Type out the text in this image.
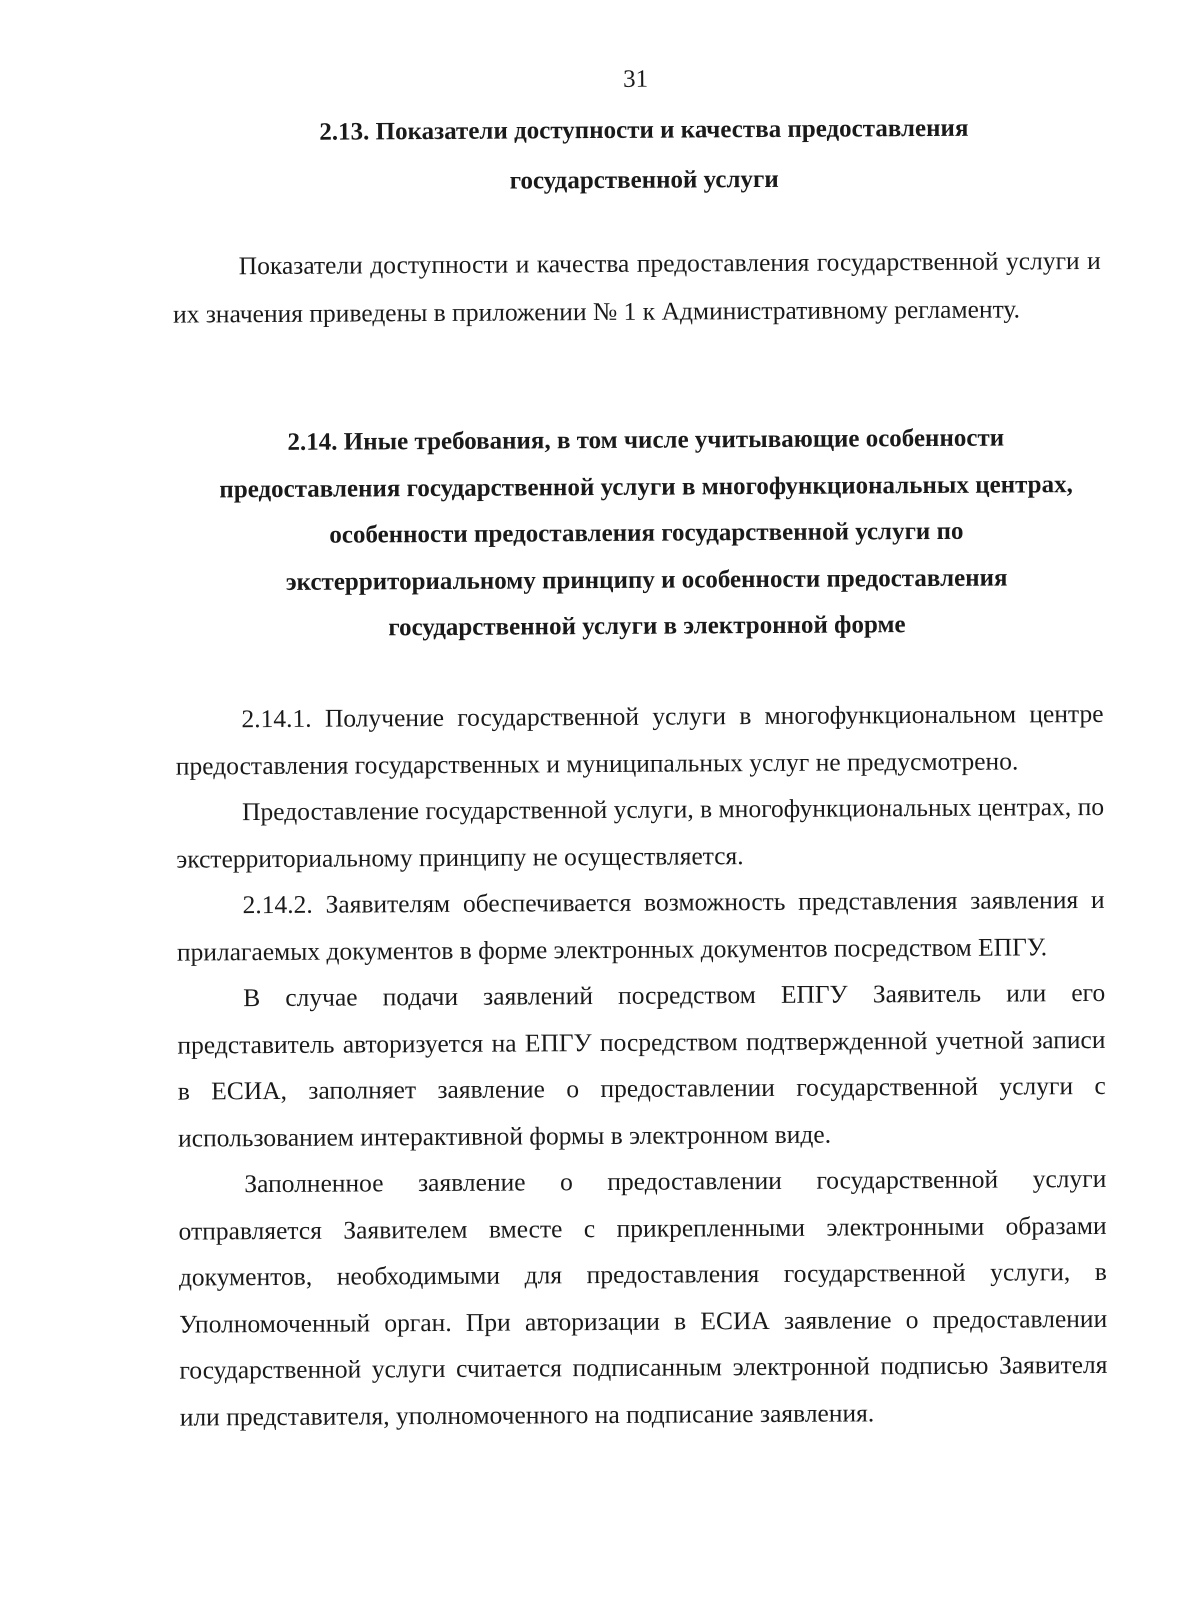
31
2.13. Показатели доступности и качества предоставления
государственной услуги

Показатели доступности и качества предоставления государственной услуги и их значения приведены в приложении № 1 к Административному регламенту.

2.14. Иные требования, в том числе учитывающие особенности
предоставления государственной услуги в многофункциональных центрах,
особенности предоставления государственной услуги по
экстерриториальному принципу и особенности предоставления
государственной услуги в электронной форме

2.14.1. Получение государственной услуги в многофункциональном центре предоставления государственных и муниципальных услуг не предусмотрено.

Предоставление государственной услуги, в многофункциональных центрах, по экстерриториальному принципу не осуществляется.

2.14.2. Заявителям обеспечивается возможность представления заявления и прилагаемых документов в форме электронных документов посредством ЕПГУ.

В случае подачи заявлений посредством ЕПГУ Заявитель или его представитель авторизуется на ЕПГУ посредством подтвержденной учетной записи в ЕСИА, заполняет заявление о предоставлении государственной услуги с использованием интерактивной формы в электронном виде.

Заполненное заявление о предоставлении государственной услуги отправляется Заявителем вместе с прикрепленными электронными образами документов, необходимыми для предоставления государственной услуги, в Уполномоченный орган. При авторизации в ЕСИА заявление о предоставлении государственной услуги считается подписанным электронной подписью Заявителя или представителя, уполномоченного на подписание заявления.
